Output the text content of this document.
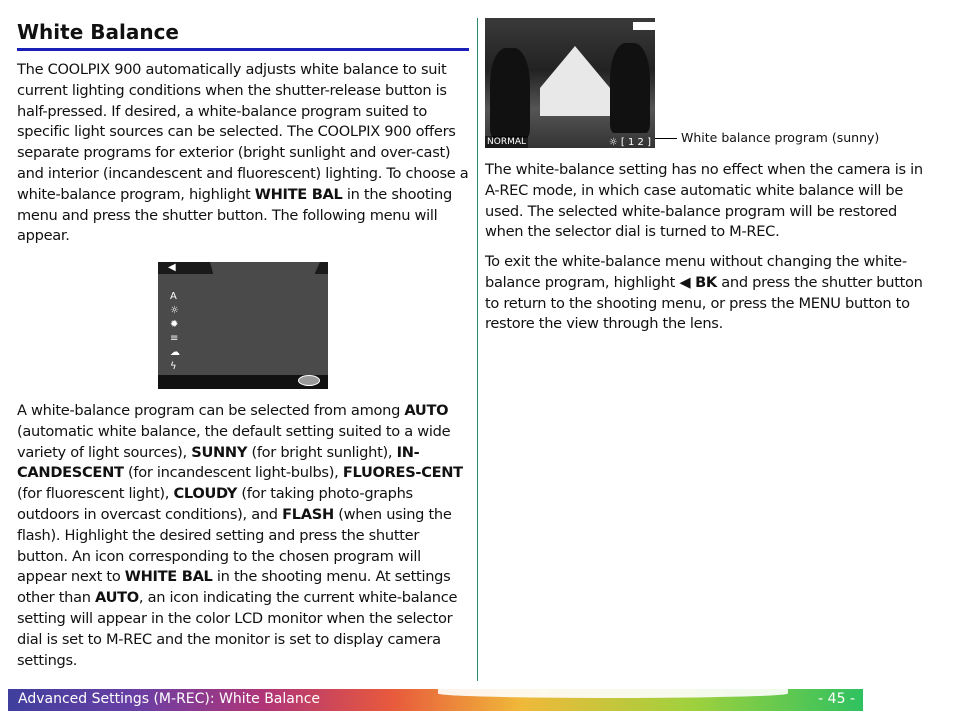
White Balance

The COOLPIX 900 automatically adjusts white balance to suit current lighting conditions when the shutter-release button is half-pressed. If desired, a white-balance program suited to specific light sources can be selected. The COOLPIX 900 offers separate programs for exterior (bright sunlight and over-cast) and interior (incandescent and fluorescent) lighting. To choose a white-balance program, highlight WHITE BAL in the shooting menu and press the shutter button. The following menu will appear.

A white-balance program can be selected from among AUTO (automatic white balance, the default setting suited to a wide variety of light sources), SUNNY (for bright sunlight), IN-CANDESCENT (for incandescent light-bulbs), FLUORES-CENT (for fluorescent light), CLOUDY (for taking photo-graphs outdoors in overcast conditions), and FLASH (when using the flash). Highlight the desired setting and press the shutter button. An icon corresponding to the chosen program will appear next to WHITE BAL in the shooting menu. At settings other than AUTO, an icon indicating the current white-balance setting will appear in the color LCD monitor when the selector dial is set to M-REC and the monitor is set to display camera settings.

◀
A
☼
✹
≡
☁
ϟ
NORMAL	☼ [ 1 2 ] White balance program (sunny)

The white-balance setting has no effect when the camera is in A-REC mode, in which case automatic white balance will be used. The selected white-balance program will be restored when the selector dial is turned to M-REC.

To exit the white-balance menu without changing the white-balance program, highlight ◀ BK and press the shutter button to return to the shooting menu, or press the MENU button to restore the view through the lens.

Advanced Settings (M-REC): White Balance	- 45 -
